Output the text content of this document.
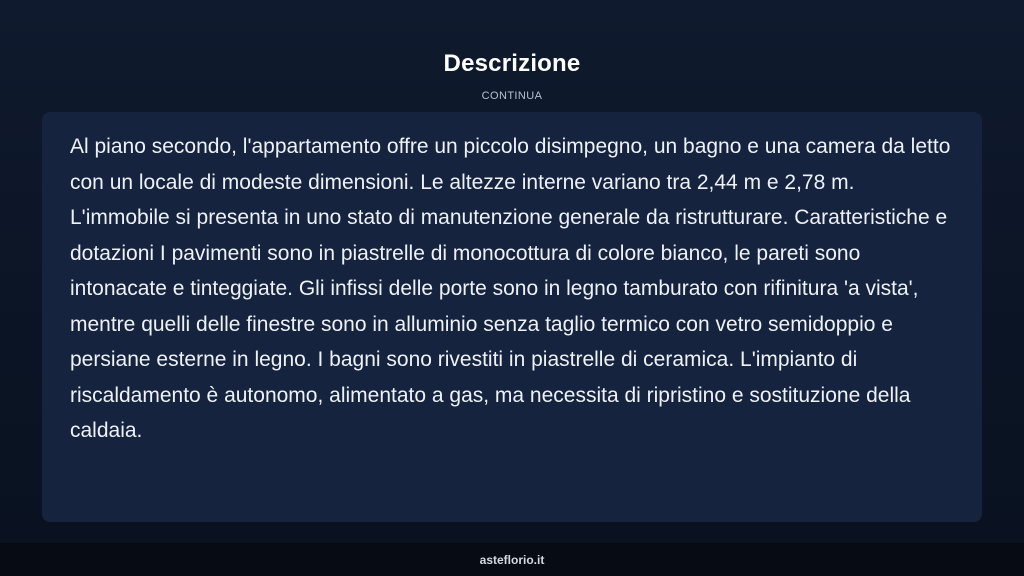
Descrizione
CONTINUA

Al piano secondo, l'appartamento offre un piccolo disimpegno, un bagno e una camera da letto con un locale di modeste dimensioni. Le altezze interne variano tra 2,44 m e 2,78 m. L'immobile si presenta in uno stato di manutenzione generale da ristrutturare. Caratteristiche e dotazioni I pavimenti sono in piastrelle di monocottura di colore bianco, le pareti sono intonacate e tinteggiate. Gli infissi delle porte sono in legno tamburato con rifinitura 'a vista', mentre quelli delle finestre sono in alluminio senza taglio termico con vetro semidoppio e persiane esterne in legno. I bagni sono rivestiti in piastrelle di ceramica. L'impianto di riscaldamento è autonomo, alimentato a gas, ma necessita di ripristino e sostituzione della caldaia.

asteflorio.it
